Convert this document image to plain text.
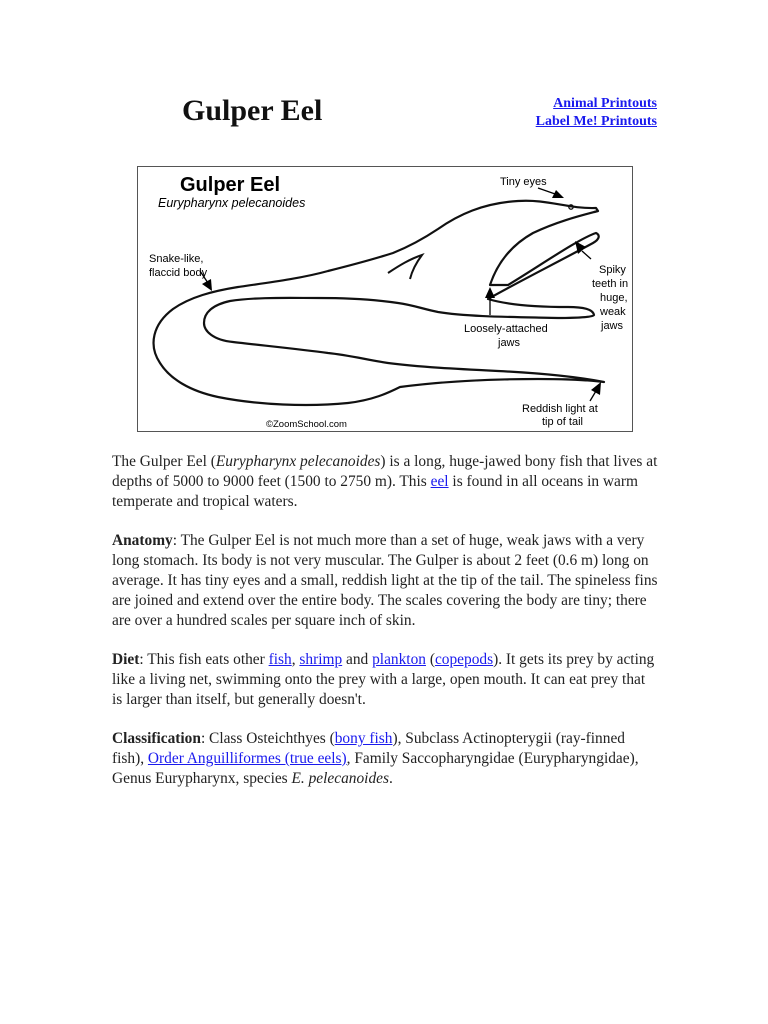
Gulper Eel	Animal Printouts
Label Me! Printouts
Gulper Eel
Eurypharynx pelecanoides
Tiny eyes
Snake-like,
flaccid body	Spiky
teeth in
huge,
weak
jaws
Loosely-attached
jaws
Reddish light at
tip of tail
©ZoomSchool.com

The Gulper Eel (Eurypharynx pelecanoides) is a long, huge-jawed bony fish that lives at depths of 5000 to 9000 feet (1500 to 2750 m). This eel is found in all oceans in warm temperate and tropical waters.

Anatomy: The Gulper Eel is not much more than a set of huge, weak jaws with a very long stomach. Its body is not very muscular. The Gulper is about 2 feet (0.6 m) long on average. It has tiny eyes and a small, reddish light at the tip of the tail. The spineless fins are joined and extend over the entire body. The scales covering the body are tiny; there are over a hundred scales per square inch of skin.

Diet: This fish eats other fish, shrimp and plankton (copepods). It gets its prey by acting like a living net, swimming onto the prey with a large, open mouth. It can eat prey that is larger than itself, but generally doesn't.

Classification: Class Osteichthyes (bony fish), Subclass Actinopterygii (ray-finned fish), Order Anguilliformes (true eels), Family Saccopharyngidae (Eurypharyngidae), Genus Eurypharynx, species E. pelecanoides.
